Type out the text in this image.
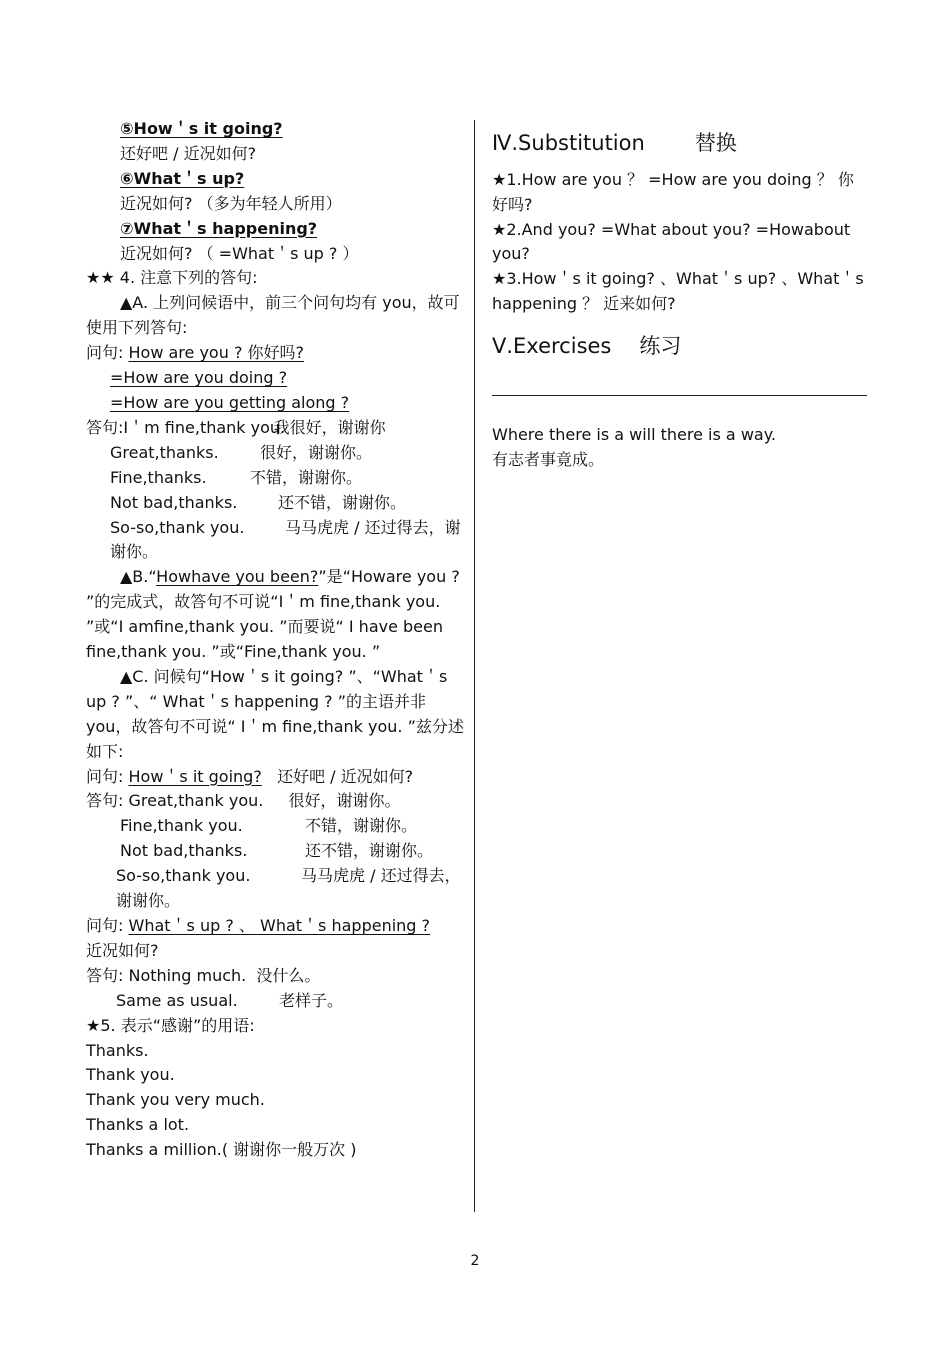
⑤How＇s it going?
还好吧 / 近况如何?
⑥What＇s up?
近况如何? （多为年轻人所用）
⑦What＇s happening?
近况如何? （ =What＇s up ? ）
★★ 4. 注意下列的答句:
▲A. 上列问候语中，前三个问句均有 you，故可使用下列答句:
问句: How are you ? 你好吗?
=How are you doing ?
=How are you getting along ?
答句:I＇m fine,thank you.  我很好，谢谢你
Great,thanks.	很好，谢谢你。
Fine,thanks.	不错，谢谢你。
Not bad,thanks.	还不错，谢谢你。
So-so,thank you.	马马虎虎 / 还过得去，谢谢你。
▲B.“Howhave you been?”是“Howare you ? ”的完成式，故答句不可说“I＇m fine,thank you. ”或“I amfine,thank you. ”而要说“ I have been fine,thank you. ”或“Fine,thank you. ”
▲C. 问候句“How＇s it going? ”、“What＇s up ? ”、“ What＇s happening ? ”的主语并非 you，故答句不可说“ I＇m fine,thank you. ”兹分述如下:
问句: How＇s it going? 还好吧 / 近况如何?
答句: Great,thank you. 很好，谢谢你。
Fine,thank you.	不错，谢谢你。
Not bad,thanks.	还不错，谢谢你。
So-so,thank you.	马马虎虎 / 还过得去，谢谢你。
问句: What＇s up ? 、 What＇s happening ?
近况如何?
答句: Nothing much. 没什么。
Same as usual.	老样子。
★5. 表示“感谢”的用语:
Thanks.
Thank you.
Thank you very much.
Thanks a lot.
Thanks a million.( 谢谢你一般万次 )
Ⅳ.Substitution 替换
★1.How are you ？ =How are you doing ？ 你好吗?
★2.And you? =What about you? =Howabout you?
★3.How＇s it going? 、What＇s up? 、What＇s happening ？ 近来如何?
Ⅴ.Exercises 练习
Where there is a will there is a way.
有志者事竟成。
2
